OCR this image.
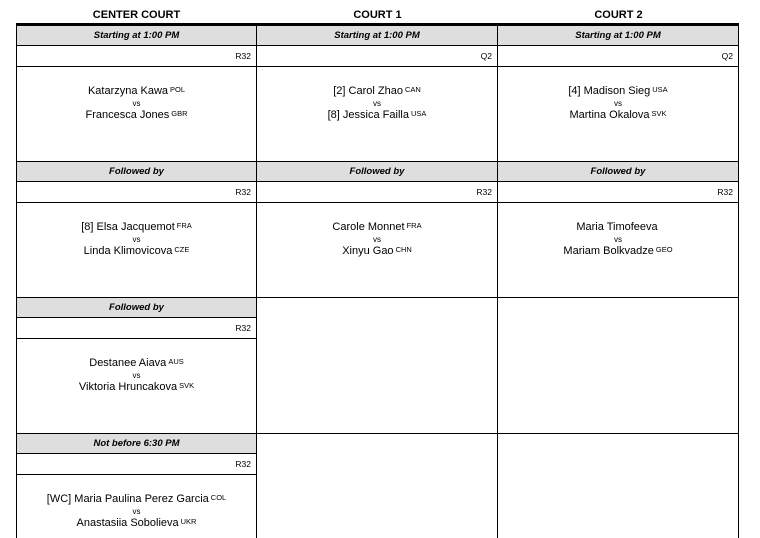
CENTER COURT	COURT 1	COURT 2
Starting at 1:00 PM
R32
Katarzyna Kawa POL
vs
Francesca Jones GBR
Followed by
R32
[8] Elsa Jacquemot FRA
vs
Linda Klimovicova CZE
Followed by
R32
Destanee Aiava AUS
vs
Viktoria Hruncakova SVK
Not before 6:30 PM
R32
[WC] Maria Paulina Perez Garcia COL
vs
Anastasiia Sobolieva UKR
Starting at 1:00 PM
Q2
[2] Carol Zhao CAN
vs
[8] Jessica Failla USA
Followed by
R32
Carole Monnet FRA
vs
Xinyu Gao CHN
Starting at 1:00 PM
Q2
[4] Madison Sieg USA
vs
Martina Okalova SVK
Followed by
R32
Maria Timofeeva
vs
Mariam Bolkvadze GEO
